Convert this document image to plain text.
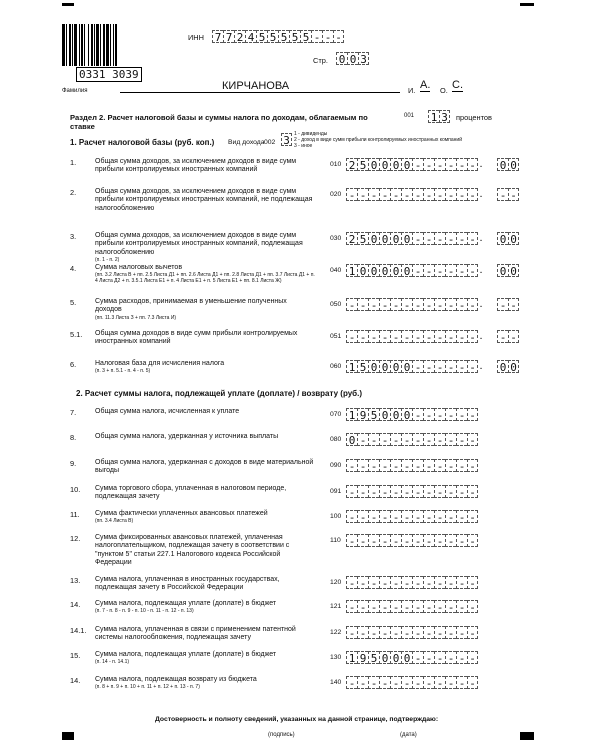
0331 3039
ИНН 7 7 2 4 5 5 5 5 5 - - -
Стр. 0 0 3
Фамилия	КИРЧАНОВА	И. А. О. С.
Раздел 2. Расчет налоговой базы и суммы налога по доходам, облагаемым по ставке
001 1 3 процентов
1. Расчет налоговой базы (руб. коп.) Вид дохода 002 3 1 - дивиденды
2 - доход в виде сумм прибыли контролируемых иностранных компаний
3 - иное
1.	Общая сумма доходов, за исключением доходов в виде сумм прибыли контролируемых иностранных компаний
010 2 5 0 0 0 0 - - - - - - . 0 0
2.	Общая сумма доходов, за исключением доходов в виде сумм прибыли контролируемых иностранных компаний, не подлежащая налогообложению
020 - - - - - - - - - - - - . - -
3.	Общая сумма доходов, за исключением доходов в виде сумм прибыли контролируемых иностранных компаний, подлежащая налогообложению
(п. 1 - п. 2)
030 2 5 0 0 0 0 - - - - - - . 0 0
4.	Сумма налоговых вычетов
(пп. 3.2 Листа В + пп. 2.5 Листа Д1 + пп. 2.6 Листа Д1 + пп. 2.8 Листа Д1 + пп. 3.7 Листа Д1 + п. 4 Листа Д2 + п. 3.5.1 Листа Е1 + п. 4 Листа Е1 + п. 5 Листа Е1 + пп. 8.1 Листа Ж)
040 1 0 0 0 0 0 - - - - - - . 0 0
5.	Сумма расходов, принимаемая в уменьшение полученных доходов
(пп. 11.3 Листа З + пп. 7.3 Листа И)
050 - - - - - - - - - - - - . - -
5.1. Общая сумма доходов в виде сумм прибыли контролируемых иностранных компаний
051 - - - - - - - - - - - - . - -
6.	Налоговая база для исчисления налога
(п. 3 + п. 5.1 - п. 4 - п. 5)
060 1 5 0 0 0 0 - - - - - - . 0 0
2. Расчет суммы налога, подлежащей уплате (доплате) / возврату (руб.)
7.	Общая сумма налога, исчисленная к уплате	070 1 9 5 0 0 0 - - - - - -
8.	Общая сумма налога, удержанная у источника выплаты	080 0 - - - - - - - - - - -
9.	Общая сумма налога, удержанная с доходов в виде материальной выгоды
090 - - - - - - - - - - - -
10. Сумма торгового сбора, уплаченная в налоговом периоде, подлежащая зачету
091 - - - - - - - - - - - -
11. Сумма фактически уплаченных авансовых платежей
(пп. 3.4 Листа В)
100 - - - - - - - - - - - -
12. Сумма фиксированных авансовых платежей, уплаченная налогоплательщиком, подлежащая зачету в соответствии с "пунктом 5" статьи 227.1 Налогового кодекса Российской Федерации
110 - - - - - - - - - - - -
13. Сумма налога, уплаченная в иностранных государствах, подлежащая зачету в Российской Федерации
120 - - - - - - - - - - - -
14. Сумма налога, подлежащая уплате (доплате) в бюджет
(п. 7 - п. 8 - п. 9 - п. 10 - п. 11 - п. 12 - п. 13)
121 - - - - - - - - - - - -
14.1. Сумма налога, уплаченная в связи с применением патентной системы налогообложения, подлежащая зачету
122 - - - - - - - - - - - -
15. Сумма налога, подлежащая уплате (доплате) в бюджет
(п. 14 - п. 14.1)
130 1 9 5 0 0 0 - - - - - -
14. Сумма налога, подлежащая возврату из бюджета
(п. 8 + п. 9 + п. 10 + п. 11 + п. 12 + п. 13 - п. 7)
140 - - - - - - - - - - - -
Достоверность и полноту сведений, указанных на данной странице, подтверждаю:
(подпись)	(дата)
